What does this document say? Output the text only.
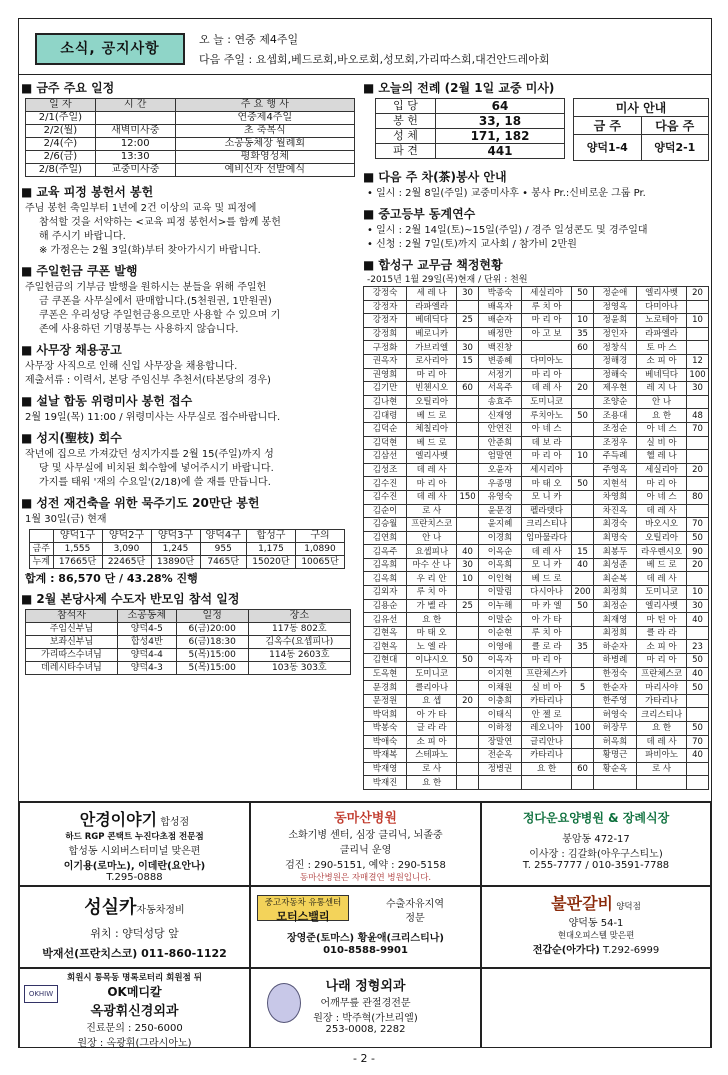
소식, 공지사항
오 늘 : 연중 제4주일
다음 주일 : 요셉회,베드로회,바오로회,성모회,가리따스회,대건안드레아회
■ 금주 주요 일정
일 자	시 간	주 요 행 사
2/1(주일)		연중제4주일
2/2(월)	새벽미사중	초 축복식
2/4(수)	12:00	소공동체장 월례회
2/6(금)	13:30	평화영성체
2/8(주일)	교중미사중	예비신자 선발예식
■ 교육 피정 봉헌서 봉헌
주님 봉헌 축일부터 1년에 2건 이상의 교육 및 피정에
참석할 것을 서약하는 <교육 피정 봉헌서>를 함께 봉헌
해 주시기 바랍니다.
※ 가정은는 2월 3일(화)부터 찾아가시기 바랍니다.
■ 주일헌금 쿠폰 발행
주일헌금의 기부금 발행을 원하시는 분들을 위해 주일헌
금 쿠폰을 사무실에서 판매합니다.(5천원권, 1만원권)
쿠폰은 우리성당 주일헌금용으로만 사용할 수 있으며 기
존에 사용하던 기명봉투는 사용하지 않습니다.
■ 사무장 채용공고
사무장 사직으로 인해 신입 사무장을 채용합니다.
제출서류 : 이력서, 본당 주임신부 추천서(타본당의 경우)
■ 설날 합동 위령미사 봉헌 접수
2월 19일(목) 11:00 / 위령미사는 사무실로 접수바랍니다.
■ 성지(聖枝) 회수
작년에 집으로 가져갔던 성지가지를 2월 15(주일)까지 성
당 및 사무실에 비치된 회수함에 넣어주시기 바랍니다.
가지를 태워 '재의 수요일'(2/18)에 쓸 재를 만듭니다.
■ 성전 재건축을 위한 묵주기도 20만단 봉헌
1월 30일(금) 현재
	양덕1구	양덕2구	양덕3구	양덕4구	합성구	구의
금주	1,555	3,090	1,245	955	1,175	1,0890
누계	17665단	22465단	13890단	7465단	15020단	10065단
합계 : 86,570 단 / 43.28% 진행
■ 2월 본당사제 수도자 반모임 참석 일정
참석자	소공동체	일정	장소
주임신부님	양덕4-5	6(금)20:00	117동 802호
보좌신부님	합성4반	6(금)18:30	김옥수(요셉피나)
가리따스수녀님	양덕4-4	5(목)15:00	114동 2603호
데레시타수녀님	양덕4-3	5(목)15:00	103동 303호
■ 오늘의 전례 (2월 1일 교중 미사)
입 당	64
봉 헌	33, 18
성 체	171, 182
파 견	441
미사 안내	
금 주	다음 주
양덕1-4	양덕2-1
■ 다음 주 차(茶)봉사 안내
• 일시 : 2월 8일(주일) 교중미사후 • 봉사 Pr.:신비로운 그룹 Pr.
■ 중고등부 동계연수
• 일시 : 2월 14일(토)~15일(주일) / 경주 일성콘도 및 경주일대
• 신청 : 2월 7일(토)까지 교사회 / 참가비 2만원
■ 합성구 교무금 책정현황
-2015년 1월 29일(목)현재 / 단위 : 천원
강정숙	세 레 나	30	박종숙	세실리아	50	정순애	엘리사벳	20
강정자	라파엘라		배옥자	루 치 아		정영옥	다미아나	
강정자	베데딕다	25	배순자	마 리 아	10	정윤희	노로테아	10
강정희	베로니카		배정만	아 고 보	35	정인자	라파엘라	
구정화	가브리엘	30	백진창		60	정창식	토 마 스	
권옥자	로사리아	15	변종혜	다미아노		정해경	소 피 아	12
권영희	마 리 아		서정기	마 리 아		정해숙	베네딕다	100
김기만	빈첸시오	60	서옥주	데 레 사	20	제우현	레 지 나	30
김나현	오틸리아		송효주	도미니코		조양순	안 나	
김대령	베 드 로		신재영	루치아노	50	조용대	요 한	48
김덕순	체칠리아		안연진	아 네 스		조정순	아 네 스	70
김덕현	베 드 로		안준희	데 보 라		조정우	실 비 아	
김삼선	엘리사벳		엄말연	마 리 아	10	주득례	헬 레 나	
김성조	데 레 사		오윤자	세시리아		주영옥	세실리아	20
김수진	마 리 아		우종명	마 태 오	50	지현석	마 리 아	
김수진	데 레 사	150	유영숙	모 니 카		차영희	아 네 스	80
김순이	로 사		윤문경	펠라뎃다		차진옥	데 레 사	
김승월	프란치스코		윤지혜	크리스티나		최경숙	바오시오	70
김연희	안 나		이경희	임마물라다		최명숙	오틸리아	50
김옥주	요셉피나	40	이옥순	데 레 사	15	최봉두	라우렌시오	90
김옥희	마수 산 나	30	이옥희	모 니 카	40	최성준	베 드 로	20
김옥희	우 리 안	10	이인혁	베 드 로		최순복	데 레 사	
김외자	루 치 아		이말림	다시아나	200	최정희	도미니코	10
김용순	가 벨 라	25	이누해	마 카 엘	50	최정순	엘리사벳	30
김유선	요 한		이말순	아 가 타		최재영	마 틴 아	40
김현옥	마 태 오		이순현	루 치 아		최정희	클 라 라	
김현옥	노 엘 라		이영애	클 로 라	35	하순자	소 피 아	23
김현대	이냐시오	50	이옥자	마 리 아		하병례	마 리 아	50
도옥현	도미니코		이지현	프란체스카		한정숙	프란체스코	40
문경희	클리아나		이채원	실 비 아	5	한순자	마리사야	50
문정원	요 셉	20	이충희	카타리나		한주영	가타리나	
박덕희	아 가 타		이태식	안 젤 로		허영숙	크리스티나	
박봉숙	글 라 라		이하정	레오니아	100	허장무	요 한	50
박애숙	소 피 아		장말연	글리안나		허옥희	데 레 사	70
박재복	스테파노		전순옥	카타리나		황명근	파비아노	40
박재영	로 사		정병권	요 한	60	황순옥	로 사	
박재진	요 한							
안경이야기 합성점
하드 RGP 콘택트 누진다초점 전문점
합성동 시외버스터미널 맞은편
이기용(로마노), 이데란(요안나)
T.295-0888
동마산병원
소화기병 센터, 심장 클리닉, 뇌졸중
클리닉 운영
검진 : 290-5151, 예약 : 290-5158
동마산병원은 자매결연 병원입니다.
정다운요양병원 & 장례식장
봉암동 472-17
이사장 : 김갈화(아우구스티노)
T. 255-7777 / 010-3591-7788
성실카자동차정비
위치 : 양덕성당 앞
박재선(프란치스코) 011-860-1122
중고자동차 유통센터
모터스밸리
수출자유지역
정문
장영준(토마스) 황윤애(크리스티나)
010-8588-9901
불판갈비 양덕점
양덕동 54-1
현대오피스텔 맞은편
전갑순(아가다) T.292-6999
회원시 통목동 명록로터리 회원점 뒤
OKHIW	OK메디칼
옥광휘신경외과
진료문의 : 250-6000
원장 : 옥광휘(그라시아노)
나래 정형외과
어깨무릎 관절경전문
원장 : 박주혁(가브리엘)
253-0008, 2282
- 2 -
